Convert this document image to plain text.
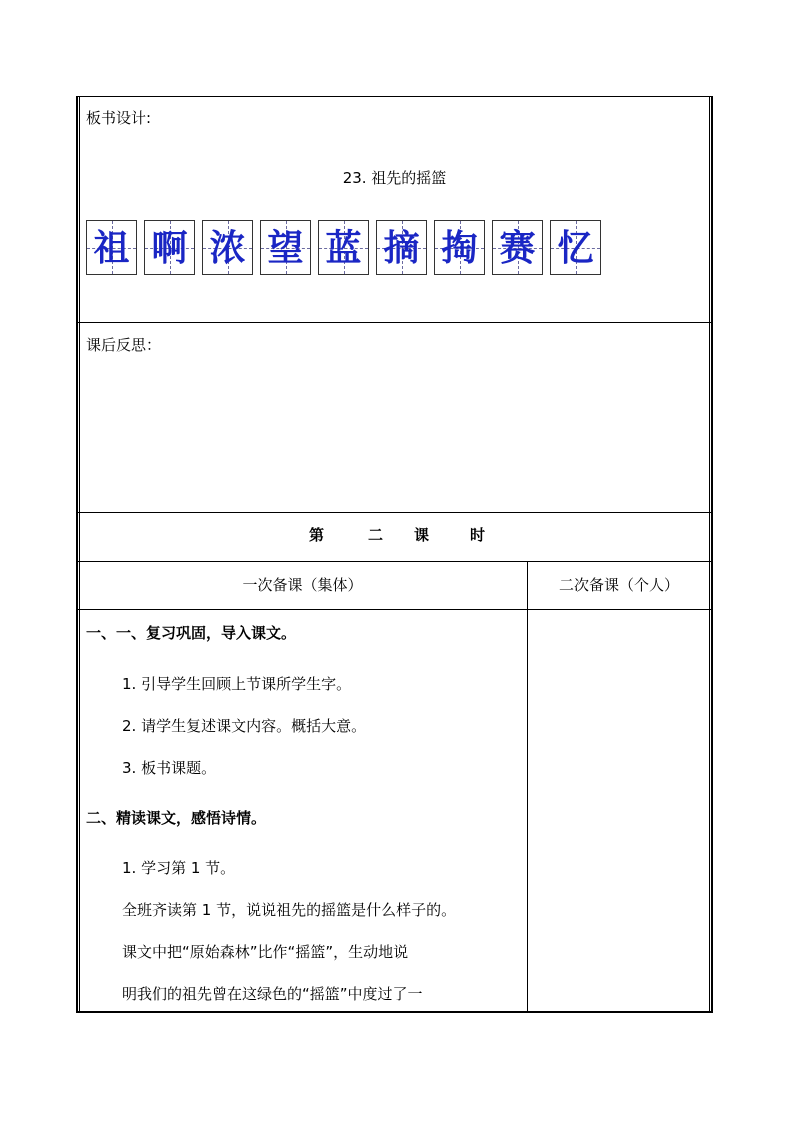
板书设计:
23. 祖先的摇篮
祖 啊 浓 望 蓝 摘 掏 赛 忆
课后反思：
第	二 课	时
一次备课（集体）	二次备课（个人）
一、一、复习巩固，导入课文。
1. 引导学生回顾上节课所学生字。
2. 请学生复述课文内容。概括大意。
3. 板书课题。
二、精读课文，感悟诗情。
1. 学习第 1 节。
全班齐读第 1 节，说说祖先的摇篮是什么样子的。
课文中把“原始森林”比作“摇篮”，生动地说
明我们的祖先曾在这绿色的“摇篮”中度过了一
